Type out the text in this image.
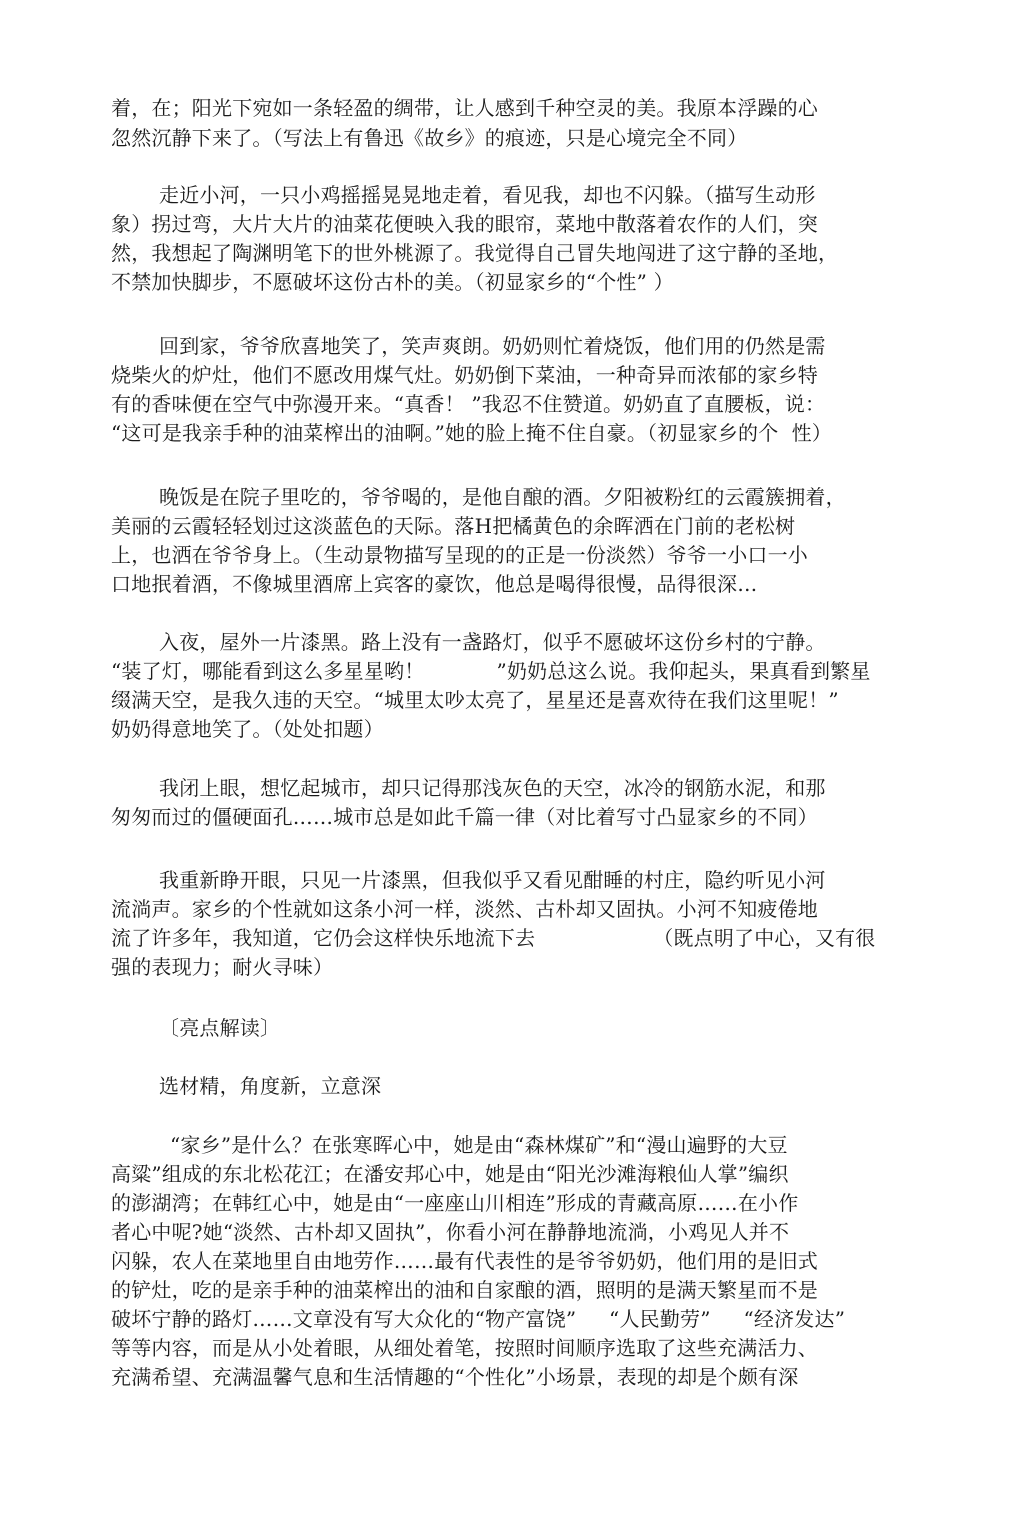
着，在；阳光下宛如一条轻盈的绸带，让人感到千种空灵的美。我原本浮躁的心
忽然沉静下来了。（写法上有鲁迅《故乡》的痕迹，只是心境完全不同）
走近小河，一只小鸡摇摇晃晃地走着，看见我，却也不闪躲。（描写生动形
象）拐过弯，大片大片的油菜花便映入我的眼帘，菜地中散落着农作的人们，突
然，我想起了陶渊明笔下的世外桃源了。我觉得自己冒失地闯进了这宁静的圣地，
不禁加快脚步，不愿破坏这份古朴的美。（初显家乡的“个性” ）
回到家，爷爷欣喜地笑了，笑声爽朗。奶奶则忙着烧饭，他们用的仍然是需
烧柴火的炉灶，他们不愿改用煤气灶。奶奶倒下菜油，一种奇异而浓郁的家乡特
有的香味便在空气中弥漫开来。“真香！ ”我忍不住赞道。奶奶直了直腰板，说：
“这可是我亲手种的油菜榨出的油啊。”她的脸上掩不住自豪。（初显家乡的个  性）
晚饭是在院子里吃的，爷爷喝的，是他自酿的酒。夕阳被粉红的云霞簇拥着，
美丽的云霞轻轻划过这淡蓝色的天际。落H把橘黄色的余晖洒在门前的老松树
上，也洒在爷爷身上。（生动景物描写呈现的的正是一份淡然）爷爷一小口一小
口地抿着酒，不像城里酒席上宾客的豪饮，他总是喝得很慢，品得很深…
入夜，屋外一片漆黑。路上没有一盏路灯，似乎不愿破坏这份乡村的宁静。
“装了灯，哪能看到这么多星星哟！           ”奶奶总这么说。我仰起头，果真看到繁星
缀满天空，是我久违的天空。“城里太吵太亮了，星星还是喜欢待在我们这里呢！”
奶奶得意地笑了。（处处扣题）
我闭上眼，想忆起城市，却只记得那浅灰色的天空，冰冷的钢筋水泥，和那
匆匆而过的僵硬面孔……城市总是如此千篇一律（对比着写寸凸显家乡的不同）
我重新睁开眼，只见一片漆黑，但我似乎又看见酣睡的村庄，隐约听见小河
流淌声。家乡的个性就如这条小河一样，淡然、古朴却又固执。小河不知疲倦地
流了许多年，我知道，它仍会这样快乐地流下去                  （既点明了中心，又有很
强的表现力；耐火寻味）
〔亮点解读〕
选材精，角度新，立意深
“家乡”是什么？在张寒晖心中，她是由“森林煤矿”和“漫山遍野的大豆
高粱”组成的东北松花江；在潘安邦心中，她是由“阳光沙滩海粮仙人掌”编织
的澎湖湾；在韩红心中，她是由“一座座山川相连”形成的青藏高原……在小作
者心中呢?她“淡然、古朴却又固执”，你看小河在静静地流淌，小鸡见人并不
闪躲，农人在菜地里自由地劳作……最有代表性的是爷爷奶奶，他们用的是旧式
的铲灶，吃的是亲手种的油菜榨出的油和自家酿的酒，照明的是满天繁星而不是
破坏宁静的路灯……文章没有写大众化的“物产富饶”     “人民勤劳”     “经济发达”
等等内容，而是从小处着眼，从细处着笔，按照时间顺序选取了这些充满活力、
充满希望、充满温馨气息和生活情趣的“个性化”小场景，表现的却是个颇有深
